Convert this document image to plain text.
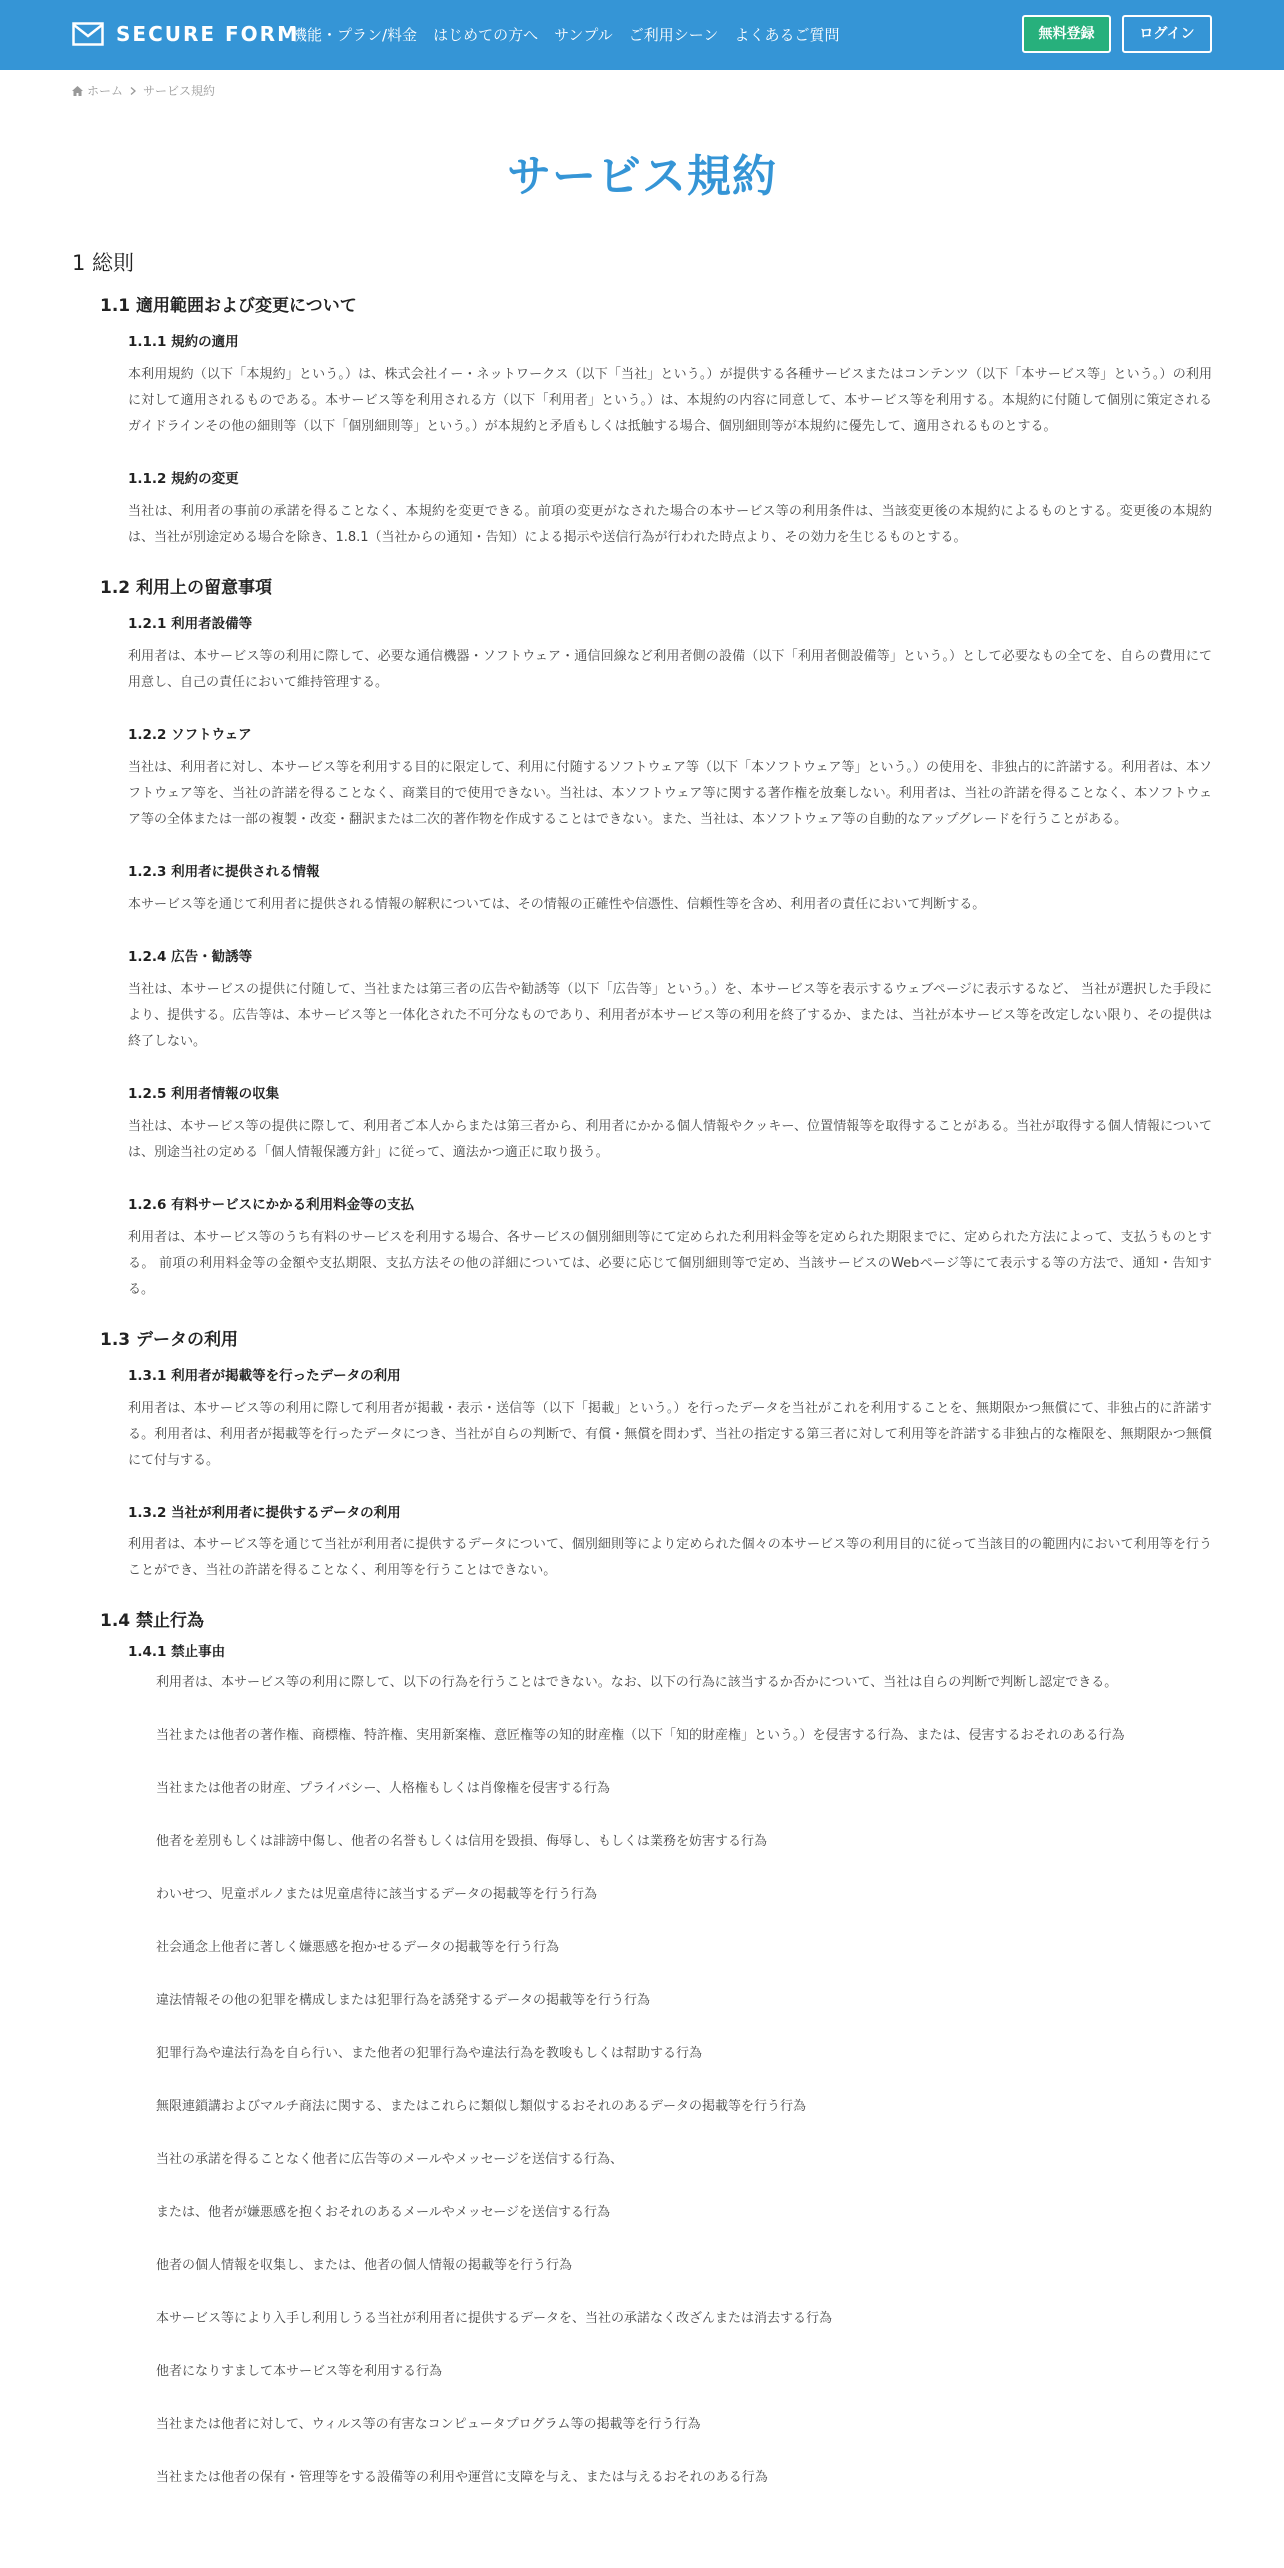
SECURE FORM
機能・プラン/料金 はじめての方へ サンプル ご利用シーン よくあるご質問	無料登録	ログイン
ホーム サービス規約
サービス規約
1 総則
1.1 適用範囲および変更について
1.1.1 規約の適用

本利用規約（以下「本規約」という。）は、株式会社イー・ネットワークス（以下「当社」という。）が提供する各種サービスまたはコンテンツ（以下「本サービス等」という。）の利用に対して適用されるものである。本サービス等を利用される方（以下「利用者」という。）は、本規約の内容に同意して、本サービス等を利用する。本規約に付随して個別に策定されるガイドラインその他の細則等（以下「個別細則等」という。）が本規約と矛盾もしくは抵触する場合、個別細則等が本規約に優先して、適用されるものとする。

1.1.2 規約の変更

当社は、利用者の事前の承諾を得ることなく、本規約を変更できる。前項の変更がなされた場合の本サービス等の利用条件は、当該変更後の本規約によるものとする。変更後の本規約は、当社が別途定める場合を除き、1.8.1（当社からの通知・告知）による掲示や送信行為が行われた時点より、その効力を生じるものとする。

1.2 利用上の留意事項
1.2.1 利用者設備等

利用者は、本サービス等の利用に際して、必要な通信機器・ソフトウェア・通信回線など利用者側の設備（以下「利用者側設備等」という。）として必要なもの全てを、自らの費用にて用意し、自己の責任において維持管理する。

1.2.2 ソフトウェア

当社は、利用者に対し、本サービス等を利用する目的に限定して、利用に付随するソフトウェア等（以下「本ソフトウェア等」という。）の使用を、非独占的に許諾する。利用者は、本ソフトウェア等を、当社の許諾を得ることなく、商業目的で使用できない。当社は、本ソフトウェア等に関する著作権を放棄しない。利用者は、当社の許諾を得ることなく、本ソフトウェア等の全体または一部の複製・改変・翻訳または二次的著作物を作成することはできない。また、当社は、本ソフトウェア等の自動的なアップグレードを行うことがある。

1.2.3 利用者に提供される情報

本サービス等を通じて利用者に提供される情報の解釈については、その情報の正確性や信憑性、信頼性等を含め、利用者の責任において判断する。

1.2.4 広告・勧誘等

当社は、本サービスの提供に付随して、当社または第三者の広告や勧誘等（以下「広告等」という。）を、本サービス等を表示するウェブページに表示するなど、 当社が選択した手段により、提供する。広告等は、本サービス等と一体化された不可分なものであり、利用者が本サービス等の利用を終了するか、または、当社が本サービス等を改定しない限り、その提供は終了しない。

1.2.5 利用者情報の収集

当社は、本サービス等の提供に際して、利用者ご本人からまたは第三者から、利用者にかかる個人情報やクッキー、位置情報等を取得することがある。当社が取得する個人情報については、別途当社の定める「個人情報保護方針」に従って、適法かつ適正に取り扱う。

1.2.6 有料サービスにかかる利用料金等の支払

利用者は、本サービス等のうち有料のサービスを利用する場合、各サービスの個別細則等にて定められた利用料金等を定められた期限までに、定められた方法によって、支払うものとする。 前項の利用料金等の金額や支払期限、支払方法その他の詳細については、必要に応じて個別細則等で定め、当該サービスのWebページ等にて表示する等の方法で、通知・告知する。

1.3 データの利用
1.3.1 利用者が掲載等を行ったデータの利用

利用者は、本サービス等の利用に際して利用者が掲載・表示・送信等（以下「掲載」という。）を行ったデータを当社がこれを利用することを、無期限かつ無償にて、非独占的に許諾する。利用者は、利用者が掲載等を行ったデータにつき、当社が自らの判断で、有償・無償を問わず、当社の指定する第三者に対して利用等を許諾する非独占的な権限を、無期限かつ無償にて付与する。

1.3.2 当社が利用者に提供するデータの利用

利用者は、本サービス等を通じて当社が利用者に提供するデータについて、個別細則等により定められた個々の本サービス等の利用目的に従って当該目的の範囲内において利用等を行うことができ、当社の許諾を得ることなく、利用等を行うことはできない。

1.4 禁止行為
1.4.1 禁止事由
利用者は、本サービス等の利用に際して、以下の行為を行うことはできない。なお、以下の行為に該当するか否かについて、当社は自らの判断で判断し認定できる。
当社または他者の著作権、商標権、特許権、実用新案権、意匠権等の知的財産権（以下「知的財産権」という。）を侵害する行為、または、侵害するおそれのある行為
当社または他者の財産、プライバシー、人格権もしくは肖像権を侵害する行為
他者を差別もしくは誹謗中傷し、他者の名誉もしくは信用を毀損、侮辱し、もしくは業務を妨害する行為
わいせつ、児童ポルノまたは児童虐待に該当するデータの掲載等を行う行為
社会通念上他者に著しく嫌悪感を抱かせるデータの掲載等を行う行為
違法情報その他の犯罪を構成しまたは犯罪行為を誘発するデータの掲載等を行う行為
犯罪行為や違法行為を自ら行い、また他者の犯罪行為や違法行為を教唆もしくは幇助する行為
無限連鎖講およびマルチ商法に関する、またはこれらに類似し類似するおそれのあるデータの掲載等を行う行為
当社の承諾を得ることなく他者に広告等のメールやメッセージを送信する行為、
または、他者が嫌悪感を抱くおそれのあるメールやメッセージを送信する行為
他者の個人情報を収集し、または、他者の個人情報の掲載等を行う行為
本サービス等により入手し利用しうる当社が利用者に提供するデータを、当社の承諾なく改ざんまたは消去する行為
他者になりすまして本サービス等を利用する行為
当社または他者に対して、ウィルス等の有害なコンピュータプログラム等の掲載等を行う行為
当社または他者の保有・管理等をする設備等の利用や運営に支障を与え、または与えるおそれのある行為
